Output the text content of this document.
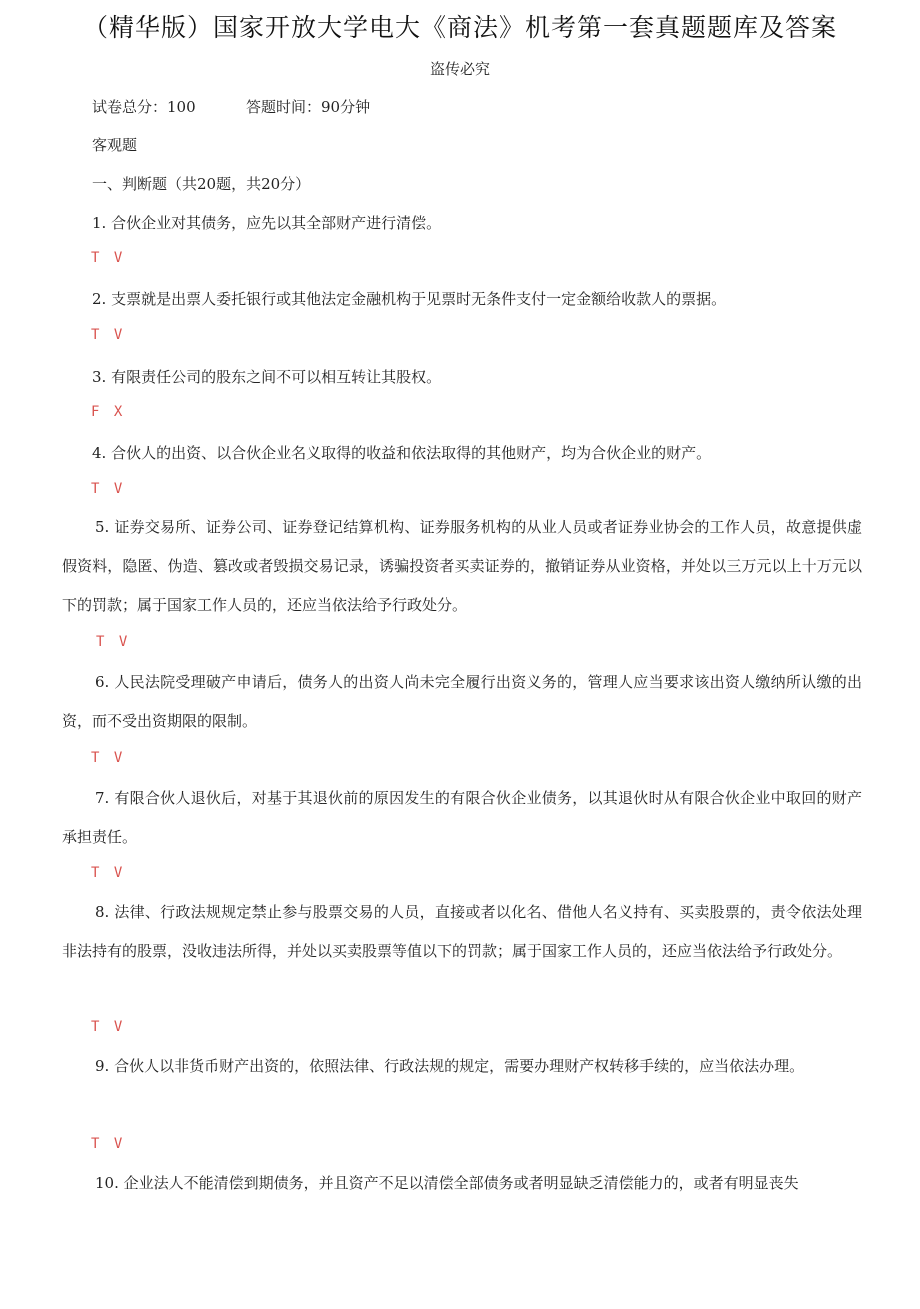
（精华版）国家开放大学电大《商法》机考第一套真题题库及答案
盗传必究
试卷总分：100	答题时间：90分钟
客观题
一、判断题（共20题，共20分）
1. 合伙企业对其债务，应先以其全部财产进行清偿。
T V
2. 支票就是出票人委托银行或其他法定金融机构于见票时无条件支付一定金额给收款人的票据。
T V
3. 有限责任公司的股东之间不可以相互转让其股权。
F X
4. 合伙人的出资、以合伙企业名义取得的收益和依法取得的其他财产，均为合伙企业的财产。
T V
5. 证券交易所、证券公司、证券登记结算机构、证券服务机构的从业人员或者证券业协会的工作人员，故意提供虚假资料，隐匿、伪造、篡改或者毁损交易记录，诱骗投资者买卖证券的，撤销证券从业资格，并处以三万元以上十万元以下的罚款；属于国家工作人员的，还应当依法给予行政处分。
T V
6. 人民法院受理破产申请后，债务人的出资人尚未完全履行出资义务的，管理人应当要求该出资人缴纳所认缴的出资，而不受出资期限的限制。
T V
7. 有限合伙人退伙后，对基于其退伙前的原因发生的有限合伙企业债务，以其退伙时从有限合伙企业中取回的财产承担责任。
T V
8. 法律、行政法规规定禁止参与股票交易的人员，直接或者以化名、借他人名义持有、买卖股票的，责令依法处理非法持有的股票，没收违法所得，并处以买卖股票等值以下的罚款；属于国家工作人员的，还应当依法给予行政处分。
T V
9. 合伙人以非货币财产出资的，依照法律、行政法规的规定，需要办理财产权转移手续的，应当依法办理。
T V
10. 企业法人不能清偿到期债务，并且资产不足以清偿全部债务或者明显缺乏清偿能力的，或者有明显丧失
